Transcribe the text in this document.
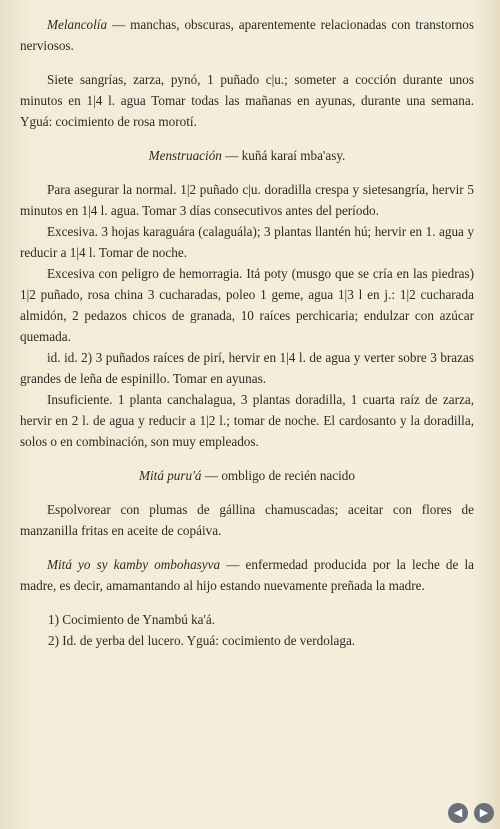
Melancolía — manchas, obscuras, aparentemente relacionadas con transtornos nerviosos.

Siete sangrías, zarza, pynó, 1 puñado c|u.; someter a cocción durante unos minutos en 1|4 l. agua Tomar todas las mañanas en ayunas, durante una semana. Yguá: cocimiento de rosa morotí.

Menstruación — kuñá karaí mba'asy.

Para asegurar la normal. 1|2 puñado c|u. doradilla crespa y sietesangría, hervir 5 minutos en 1|4 l. agua. Tomar 3 días consecutivos antes del período.

Excesiva. 3 hojas karaguára (calaguála); 3 plantas llantén hú; hervir en 1. agua y reducir a 1|4 l. Tomar de noche.

Excesiva con peligro de hemorragia. Itá poty (musgo que se cría en las piedras) 1|2 puñado, rosa china 3 cucharadas, poleo 1 geme, agua 1|3 l en j.: 1|2 cucharada almidón, 2 pedazos chicos de granada, 10 raíces perchicaria; endulzar con azúcar quemada.

id. id. 2) 3 puñados raíces de pirí, hervir en 1|4 l. de agua y verter sobre 3 brazas grandes de leña de espinillo. Tomar en ayunas.

Insuficiente. 1 planta canchalagua, 3 plantas doradilla, 1 cuarta raíz de zarza, hervir en 2 l. de agua y reducir a 1|2 l.; tomar de noche. El cardosanto y la doradilla, solos o en combinación, son muy empleados.

Mitá puru'á — ombligo de recién nacido

Espolvorear con plumas de gállina chamuscadas; aceitar con flores de manzanilla fritas en aceite de copáiva.

Mitá yo sy kamby ombohasyva — enfermedad producida por la leche de la madre, es decir, amamantando al hijo estando nuevamente preñada la madre.

1) Cocimiento de Ynambú ka'á.

2) Id. de yerba del lucero. Yguá: cocimiento de verdolaga.

◀	▶
